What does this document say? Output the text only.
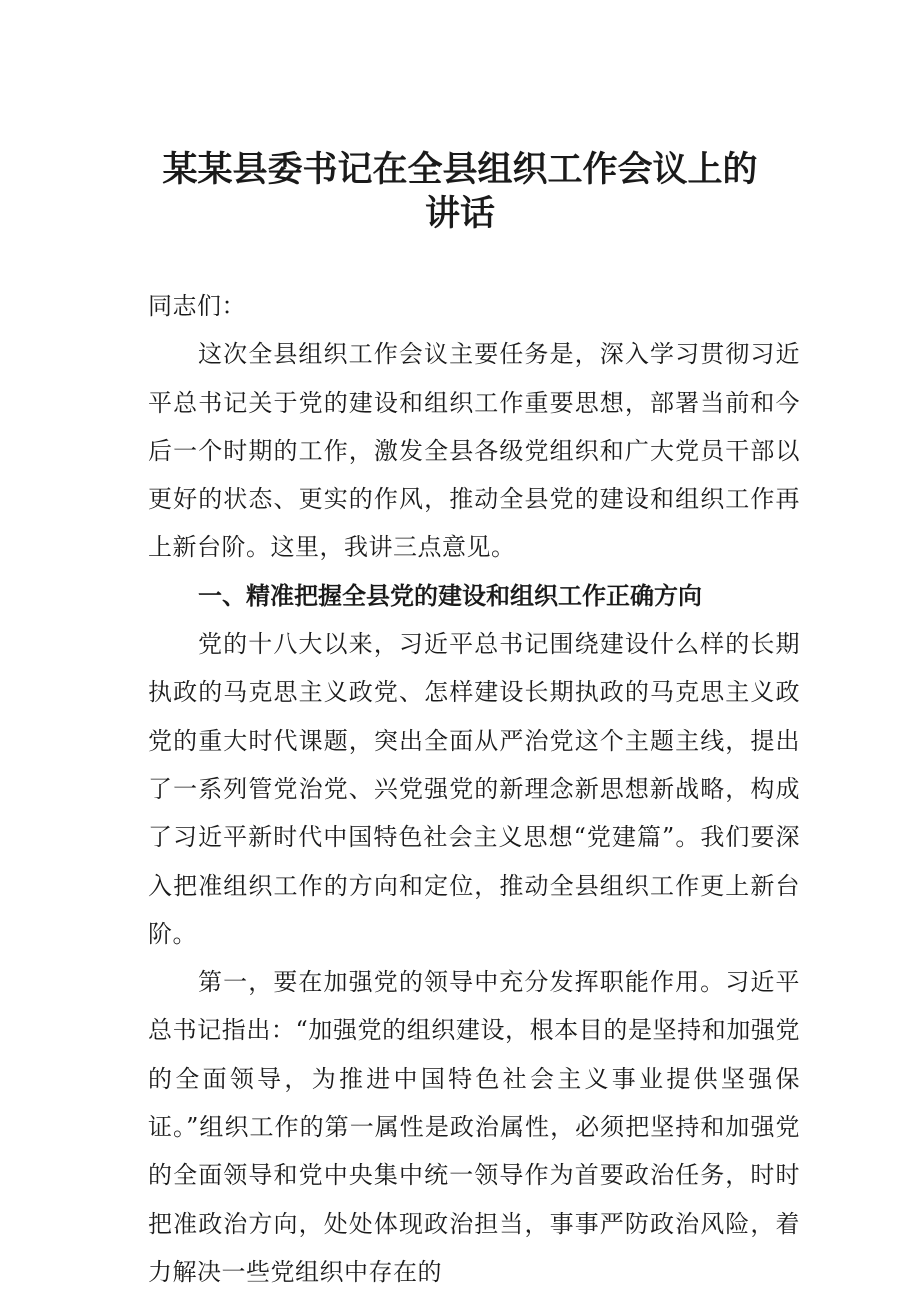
某某县委书记在全县组织工作会议上的
讲话

同志们：

这次全县组织工作会议主要任务是，深入学习贯彻习近平总书记关于党的建设和组织工作重要思想，部署当前和今后一个时期的工作，激发全县各级党组织和广大党员干部以更好的状态、更实的作风，推动全县党的建设和组织工作再上新台阶。这里，我讲三点意见。

一、精准把握全县党的建设和组织工作正确方向

党的十八大以来，习近平总书记围绕建设什么样的长期执政的马克思主义政党、怎样建设长期执政的马克思主义政党的重大时代课题，突出全面从严治党这个主题主线，提出了一系列管党治党、兴党强党的新理念新思想新战略，构成了习近平新时代中国特色社会主义思想“党建篇”。我们要深入把准组织工作的方向和定位，推动全县组织工作更上新台阶。

第一，要在加强党的领导中充分发挥职能作用。习近平总书记指出：“加强党的组织建设，根本目的是坚持和加强党的全面领导，为推进中国特色社会主义事业提供坚强保证。”组织工作的第一属性是政治属性，必须把坚持和加强党的全面领导和党中央集中统一领导作为首要政治任务，时时把准政治方向，处处体现政治担当，事事严防政治风险，着力解决一些党组织中存在的
